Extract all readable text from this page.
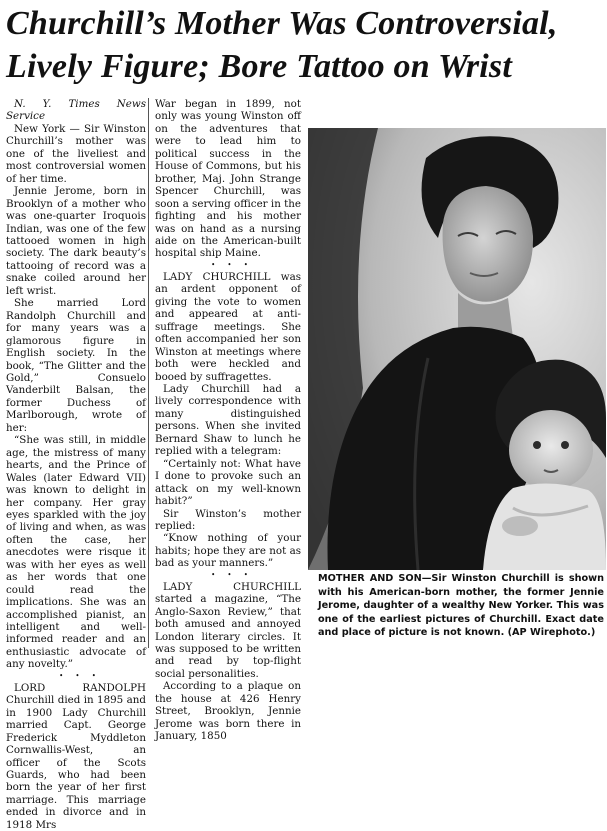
Churchill’s Mother Was Controversial,
Lively Figure; Bore Tattoo on Wrist

N. Y. Times News Service

New York — Sir Winston Churchill’s mother was one of the liveliest and most controversial women of her time.

Jennie Jerome, born in Brooklyn of a mother who was one-quarter Iroquois Indian, was one of the few tattooed women in high society. The dark beauty’s tattooing of record was a snake coiled around her left wrist.

She married Lord Randolph Churchill and for many years was a glamorous figure in English society. In the book, “The Glitter and the Gold,” Consuelo Vanderbilt Balsan, the former Duchess of Marlborough, wrote of her:

“She was still, in middle age, the mistress of many hearts, and the Prince of Wales (later Edward VII) was known to delight in her company. Her gray eyes sparkled with the joy of living and when, as was often the case, her anecdotes were risque it was with her eyes as well as her words that one could read the implications. She was an accomplished pianist, an intelligent and well-informed reader and an enthusiastic advocate of any novelty.”

• • •

LORD RANDOLPH Churchill died in 1895 and in 1900 Lady Churchill married Capt. George Frederick Myddleton Cornwallis-West, an officer of the Scots Guards, who had been born the year of her first marriage. This marriage ended in divorce and in 1918 Mrs

War began in 1899, not only was young Winston off on the adventures that were to lead him to political success in the House of Commons, but his brother, Maj. John Strange Spencer Churchill, was soon a serving officer in the fighting and his mother was on hand as a nursing aide on the American-built hospital ship Maine.

• • •

LADY CHURCHILL was an ardent opponent of giving the vote to women and appeared at anti-suffrage meetings. She often accompanied her son Winston at meetings where both were heckled and booed by suffragettes.

Lady Churchill had a lively correspondence with many distinguished persons. When she invited Bernard Shaw to lunch he replied with a telegram:

“Certainly not: What have I done to provoke such an attack on my well-known habit?”

Sir Winston’s mother replied:

“Know nothing of your habits; hope they are not as bad as your manners.”

• • •

LADY CHURCHILL started a magazine, “The Anglo-Saxon Review,” that both amused and annoyed London literary circles. It was supposed to be written and read by top-flight social personalities.

According to a plaque on the house at 426 Henry Street, Brooklyn, Jennie Jerome was born there in January, 1850

MOTHER AND SON—Sir Winston Churchill is shown with his American-born mother, the former Jennie Jerome, daughter of a wealthy New Yorker. This was one of the earliest pictures of Churchill. Exact date and place of picture is not known. (AP Wirephoto.)
